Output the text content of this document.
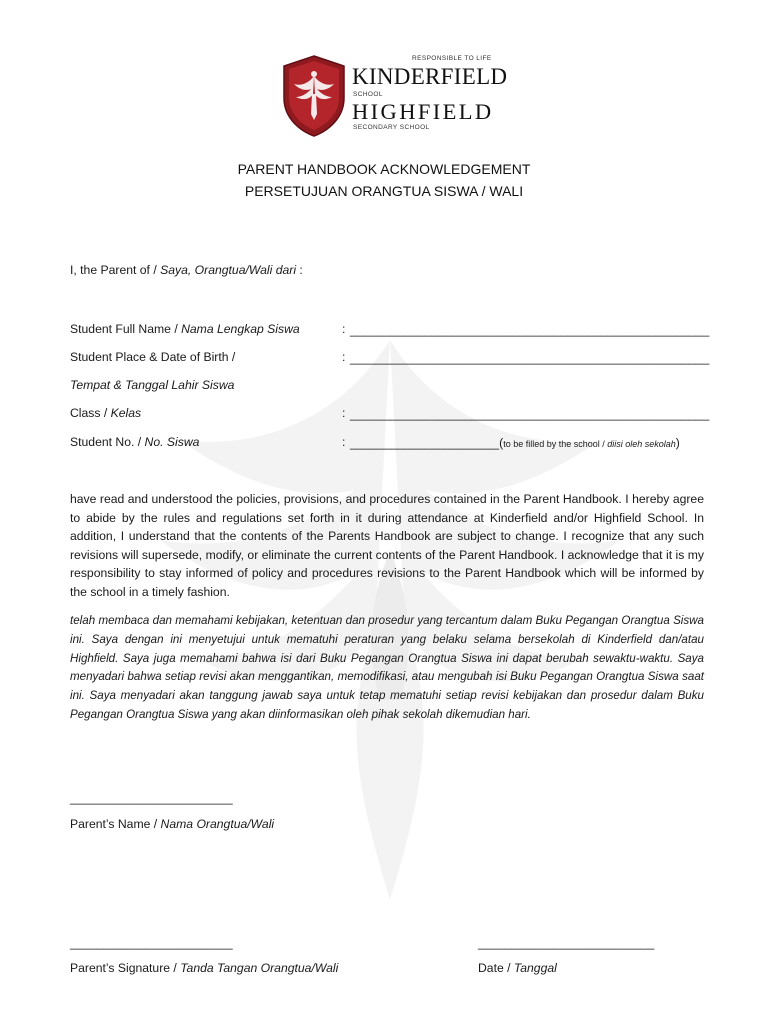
RESPONSIBLE TO LIFE
KINDERFIELD
SCHOOL
HIGHFIELD
SECONDARY SCHOOL
PARENT HANDBOOK ACKNOWLEDGEMENT
PERSETUJUAN ORANGTUA SISWA / WALI
I, the Parent of / Saya, Orangtua/Wali dari :
Student Full Name / Nama Lengkap Siswa	: _____________________________________________________
Student Place & Date of Birth /	: _____________________________________________________
Tempat & Tanggal Lahir Siswa
Class / Kelas	: _____________________________________________________
Student No. / No. Siswa	: ______________________(to be filled by the school / diisi oleh sekolah)

have read and understood the policies, provisions, and procedures contained in the Parent Handbook. I hereby agree to abide by the rules and regulations set forth in it during attendance at Kinderfield and/or Highfield School. In addition, I understand that the contents of the Parents Handbook are subject to change. I recognize that any such revisions will supersede, modify, or eliminate the current contents of the Parent Handbook. I acknowledge that it is my responsibility to stay informed of policy and procedures revisions to the Parent Handbook which will be informed by the school in a timely fashion.

telah membaca dan memahami kebijakan, ketentuan dan prosedur yang tercantum dalam Buku Pegangan Orangtua Siswa ini. Saya dengan ini menyetujui untuk mematuhi peraturan yang belaku selama bersekolah di Kinderfield dan/atau Highfield. Saya juga memahami bahwa isi dari Buku Pegangan Orangtua Siswa ini dapat berubah sewaktu-waktu. Saya menyadari bahwa setiap revisi akan menggantikan, memodifikasi, atau mengubah isi Buku Pegangan Orangtua Siswa saat ini. Saya menyadari akan tanggung jawab saya untuk tetap mematuhi setiap revisi kebijakan dan prosedur dalam Buku Pegangan Orangtua Siswa yang akan diinformasikan oleh pihak sekolah dikemudian hari.

________________________
Parent’s Name / Nama Orangtua/Wali
________________________
Parent’s Signature / Tanda Tangan Orangtua/Wali
__________________________
Date / Tanggal
